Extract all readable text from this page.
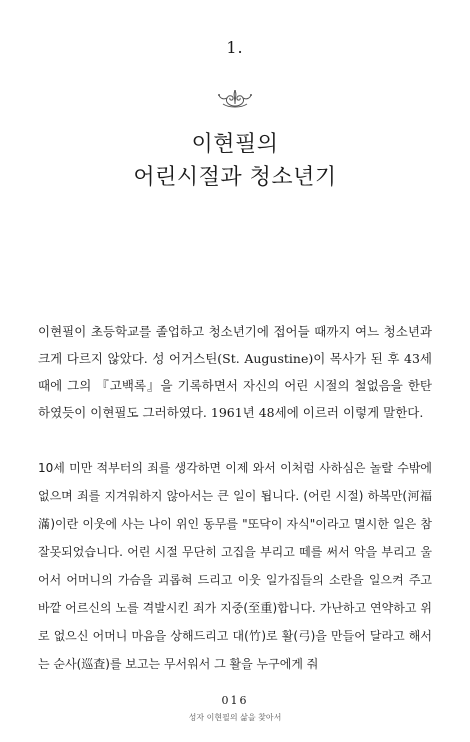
1.
이현필의
어린시절과 청소년기

이현필이 초등학교를 졸업하고 청소년기에 접어들 때까지 여느 청소년과 크게 다르지 않았다. 성 어거스틴(St. Augustine)이 목사가 된 후 43세 때에 그의 『고백록』을 기록하면서 자신의 어린 시절의 철없음을 한탄하였듯이 이현필도 그러하였다. 1961년 48세에 이르러 이렇게 말한다.

10세 미만 적부터의 죄를 생각하면 이제 와서 이처럼 사하심은 놀랄 수밖에 없으며 죄를 지겨워하지 않아서는 큰 일이 됩니다. (어린 시절) 하복만(河福滿)이란 이웃에 사는 나이 위인 동무를 "또닥이 자식"이라고 멸시한 일은 참 잘못되었습니다. 어린 시절 무단히 고집을 부리고 떼를 써서 악을 부리고 울어서 어머니의 가슴을 괴롭혀 드리고 이웃 일가집들의 소란을 일으켜 주고 바깥 어르신의 노를 격발시킨 죄가 지중(至重)합니다. 가난하고 연약하고 위로 없으신 어머니 마음을 상해드리고 대(竹)로 활(弓)을 만들어 달라고 해서는 순사(巡査)를 보고는 무서워서 그 활을 누구에게 줘

016
성자 이현필의 삶을 찾아서
